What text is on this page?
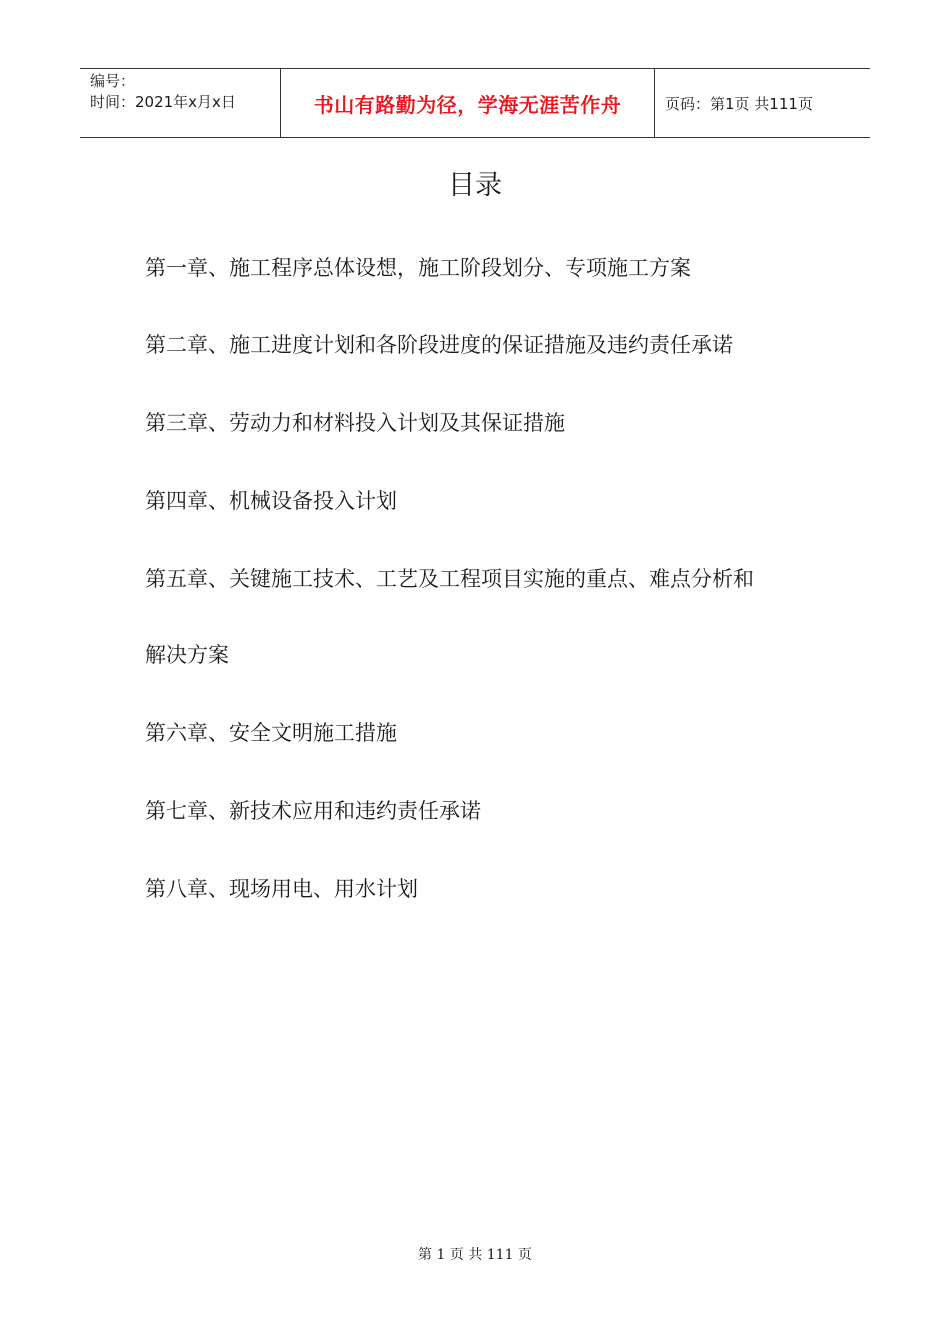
编号：
时间：2021年x月x日	书山有路勤为径，学海无涯苦作舟	页码：第1页 共111页
目录
第一章、施工程序总体设想，施工阶段划分、专项施工方案
第二章、施工进度计划和各阶段进度的保证措施及违约责任承诺
第三章、劳动力和材料投入计划及其保证措施
第四章、机械设备投入计划
第五章、关键施工技术、工艺及工程项目实施的重点、难点分析和
解决方案
第六章、安全文明施工措施
第七章、新技术应用和违约责任承诺
第八章、现场用电、用水计划
第 1 页 共 111 页
